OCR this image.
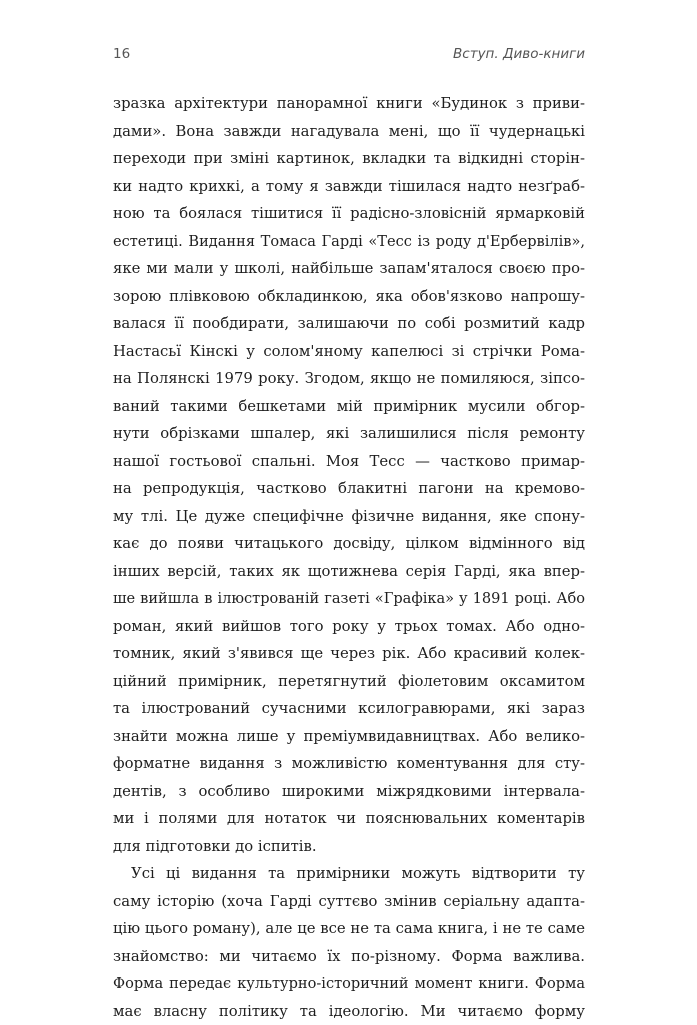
16	Вступ. Диво-книги
зразка архітектури панорамної книги «Будинок з приви-
дами». Вона завжди нагадувала мені, що її чудернацькі
переходи при зміні картинок, вкладки та відкидні сторін-
ки надто крихкі, а тому я завжди тішилася надто незґраб-
ною та боялася тішитися її радісно-зловісній ярмарковій
естетиці. Видання Томаса Гарді «Тесс із роду д'Ербервілів»,
яке ми мали у школі, найбільше запам'ятaлося своєю про-
зорою плівковою обкладинкою, яка обов'язково напрошу-
валася її пообдирати, залишаючи по собі розмитий кадр
Настасьї Кінскі у солом'яному капелюсі зі стрічки Рома-
на Полянскі 1979 року. Згодом, якщо не помиляюся, зіпсо-
ваний такими бешкетами мій примірник мусили обгор-
нути обрізками шпалер, які залишилися після ремонту
нашої гостьової спальні. Моя Тесс — частково примар-
на репродукція, частково блакитні пагони на кремово-
му тлі. Це дуже специфічне фізичне видання, яке спону-
кає до появи читацького досвіду, цілком відмінного від
інших версій, таких як щотижнева серія Гарді, яка впер-
ше вийшла в ілюстрованій газеті «Графіка» у 1891 році. Або
роман, який вийшов того року у трьох томах. Або одно-
томник, який з'явився ще через рік. Або красивий колек-
ційний примірник, перетягнутий фіолетовим оксамитом
та ілюстрований сучасними ксилогравюрами, які зараз
знайти можна лише у преміумвидавництвах. Або велико-
форматне видання з можливістю коментування для сту-
дентів, з особливо широкими міжрядковими інтервала-
ми і полями для нотаток чи пояснювальних коментарів
для підготовки до іспитів.
Усі ці видання та примірники можуть відтворити ту
саму історію (хоча Гарді суттєво змінив серіальну адапта-
цію цього роману), але це все не та сама книга, і не те саме
знайомство: ми читаємо їх по-різному. Форма важлива.
Форма передає культурно-історичний момент книги. Форма
має власну політику та ідеологію. Ми читаємо форму
